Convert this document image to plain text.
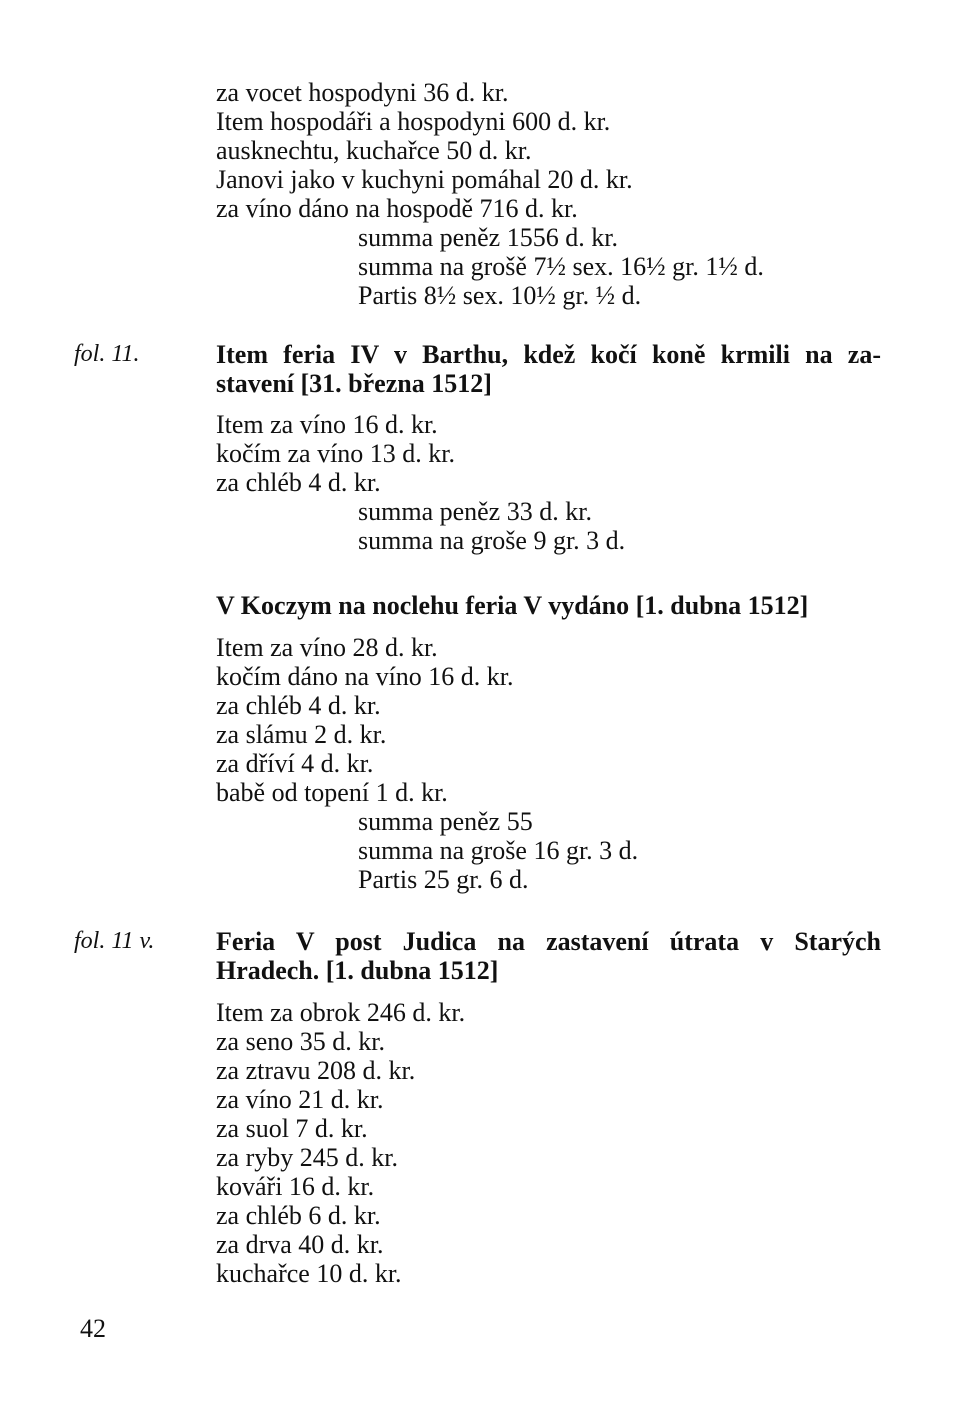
za vocet hospodyni 36 d. kr.

Item hospodáři a hospodyni 600 d. kr.

ausknechtu, kuchařce 50 d. kr.

Janovi jako v kuchyni pomáhal 20 d. kr.

za víno dáno na hospodě 716 d. kr.

summa peněz 1556 d. kr.

summa na grošě 7½ sex. 16½ gr. 1½ d.

Partis 8½ sex. 10½ gr. ½ d.

fol. 11.	Item feria IV v Barthu, kdež kočí koně krmili na za-
stavení [31. března 1512]

Item za víno 16 d. kr.

kočím za víno 13 d. kr.

za chléb 4 d. kr.

summa peněz 33 d. kr.

summa na groše 9 gr. 3 d.

V Koczym na noclehu feria V vydáno [1. dubna 1512]

Item za víno 28 d. kr.

kočím dáno na víno 16 d. kr.

za chléb 4 d. kr.

za slámu 2 d. kr.

za dříví 4 d. kr.

babě od topení 1 d. kr.

summa peněz 55

summa na groše 16 gr. 3 d.

Partis 25 gr. 6 d.

fol. 11 v. Feria V post Judica na zastavení útrata v Starých
Hradech. [1. dubna 1512]

Item za obrok 246 d. kr.

za seno 35 d. kr.

za ztravu 208 d. kr.

za víno 21 d. kr.

za suol 7 d. kr.

za ryby 245 d. kr.

kováři 16 d. kr.

za chléb 6 d. kr.

za drva 40 d. kr.

kuchařce 10 d. kr.

42
